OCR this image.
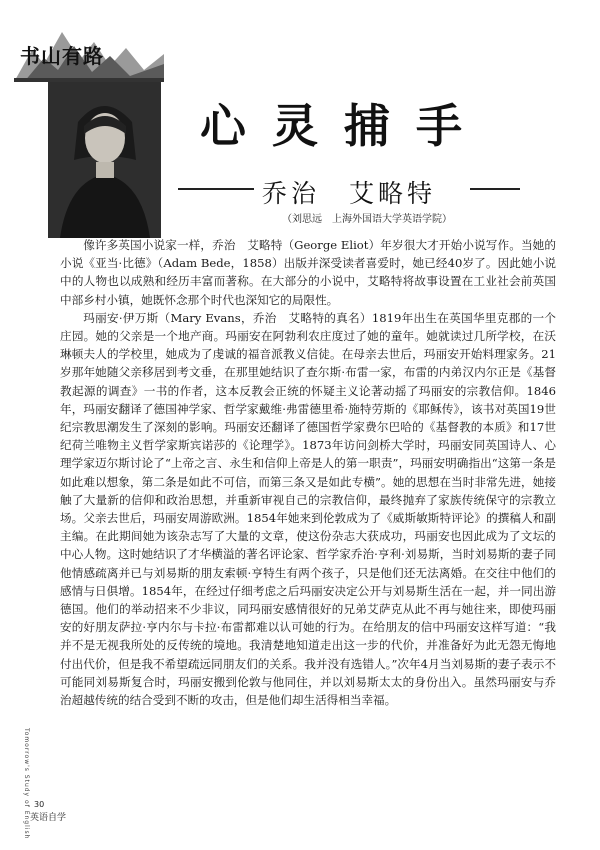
书山有路
心灵捕手
乔治　艾略特
（刘思远　上海外国语大学英语学院）

像许多英国小说家一样，乔治　艾略特（George Eliot）年岁很大才开始小说写作。当她的小说《亚当·比德》（Adam Bede，1858）出版并深受读者喜爱时，她已经40岁了。因此她小说中的人物也以成熟和经历丰富而著称。在大部分的小说中，艾略特将故事设置在工业社会前英国中部乡村小镇，她既怀念那个时代也深知它的局限性。

玛丽安·伊万斯（Mary Evans，乔治　艾略特的真名）1819年出生在英国华里克郡的一个庄园。她的父亲是一个地产商。玛丽安在阿勃利农庄度过了她的童年。她就读过几所学校，在沃琳顿夫人的学校里，她成为了虔诚的福音派教义信徒。在母亲去世后，玛丽安开始料理家务。21岁那年她随父亲移居到考文垂，在那里她结识了查尔斯·布雷一家，布雷的内弟汉内尔正是《基督教起源的调查》一书的作者，这本反教会正统的怀疑主义论著动摇了玛丽安的宗教信仰。1846年，玛丽安翻译了德国神学家、哲学家戴维·弗雷德里希·施特劳斯的《耶稣传》，该书对英国19世纪宗教思潮发生了深刻的影响。玛丽安还翻译了德国哲学家费尔巴哈的《基督教的本质》和17世纪荷兰唯物主义哲学家斯宾诺莎的《论理学》。1873年访问剑桥大学时，玛丽安同英国诗人、心理学家迈尔斯讨论了“上帝之言、永生和信仰上帝是人的第一职责”，玛丽安明确指出“这第一条是如此难以想象，第二条是如此不可信，而第三条又是如此专横”。她的思想在当时非常先进，她接触了大量新的信仰和政治思想，并重新审视自己的宗教信仰，最终抛弃了家族传统保守的宗教立场。父亲去世后，玛丽安周游欧洲。1854年她来到伦敦成为了《威斯敏斯特评论》的撰稿人和副主编。在此期间她为该杂志写了大量的文章，使这份杂志大获成功，玛丽安也因此成为了文坛的中心人物。这时她结识了才华横溢的著名评论家、哲学家乔治·亨利·刘易斯，当时刘易斯的妻子同他情感疏离并已与刘易斯的朋友索顿·亨特生有两个孩子，只是他们还无法离婚。在交往中他们的感情与日俱增。1854年，在经过仔细考虑之后玛丽安决定公开与刘易斯生活在一起，并一同出游德国。他们的举动招来不少非议，同玛丽安感情很好的兄弟艾萨克从此不再与她往来，即使玛丽安的好朋友萨拉·亨内尔与卡拉·布雷都难以认可她的行为。在给朋友的信中玛丽安这样写道：“我并不是无视我所处的反传统的境地。我清楚地知道走出这一步的代价，并准备好为此无怨无悔地付出代价，但是我不希望疏远同朋友们的关系。我并没有选错人。”次年4月当刘易斯的妻子表示不可能同刘易斯复合时，玛丽安搬到伦敦与他同住，并以刘易斯太太的身份出入。虽然玛丽安与乔治超越传统的结合受到不断的攻击，但是他们却生活得相当幸福。

Tomorrow's Study of English 30
英语自学
